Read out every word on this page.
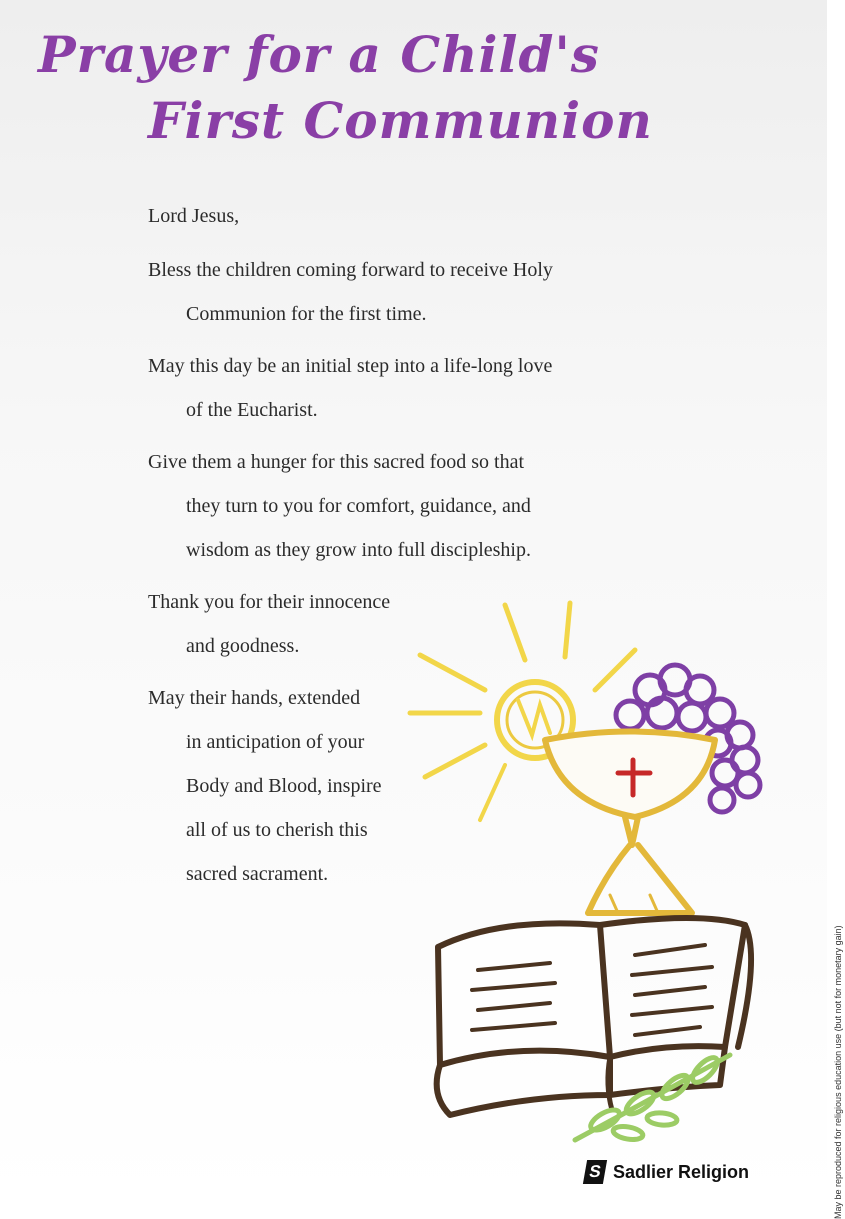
Prayer for a Child's
First Communion

Lord Jesus,

Bless the children coming forward to receive Holy

Communion for the first time.

May this day be an initial step into a life-long love

of the Eucharist.

Give them a hunger for this sacred food so that

they turn to you for comfort, guidance, and

wisdom as they grow into full discipleship.

Thank you for their innocence

and goodness.

May their hands, extended

in anticipation of your

Body and Blood, inspire

all of us to cherish this

sacred sacrament.

S Sadlier Religion	May be reproduced for religious education use (but not for monetary gain)
